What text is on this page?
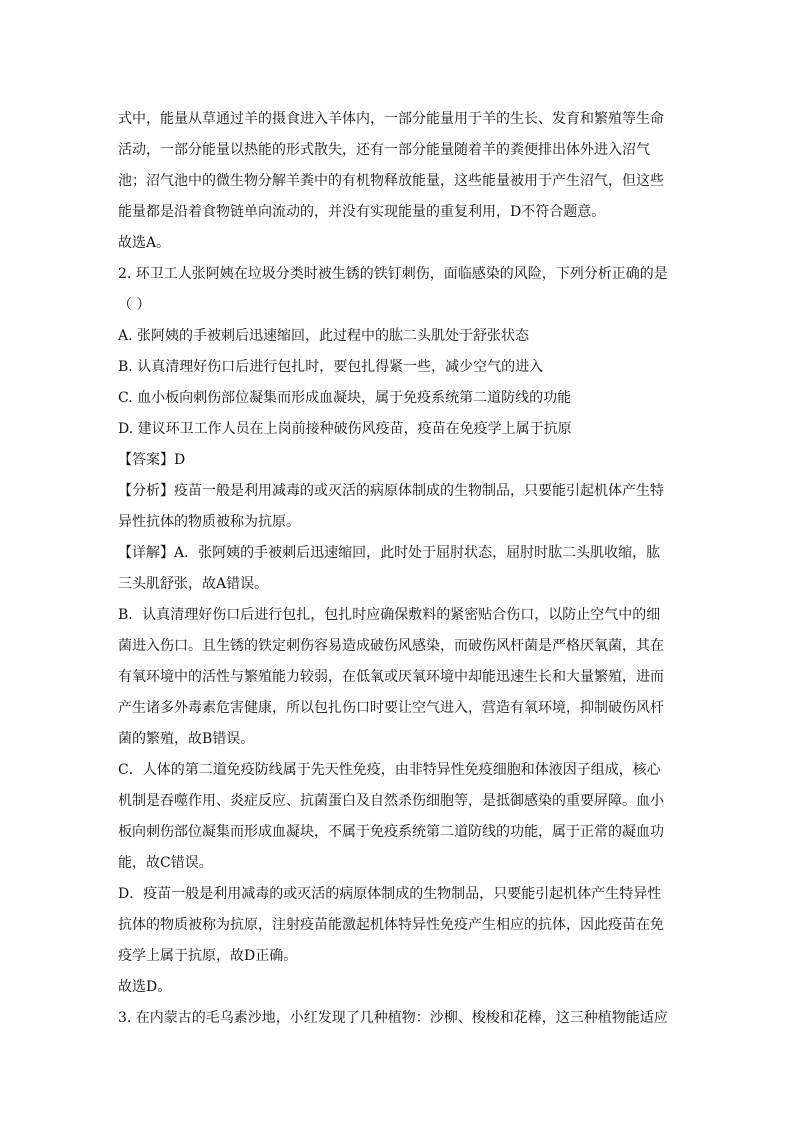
式中，能量从草通过羊的摄食进入羊体内，一部分能量用于羊的生长、发育和繁殖等生命
活动，一部分能量以热能的形式散失，还有一部分能量随着羊的粪便排出体外进入沼气
池；沼气池中的微生物分解羊粪中的有机物释放能量，这些能量被用于产生沼气，但这些
能量都是沿着食物链单向流动的，并没有实现能量的重复利用，D不符合题意。
故选A。
2. 环卫工人张阿姨在垃圾分类时被生锈的铁钉刺伤，面临感染的风险，下列分析正确的是
（ ）
A. 张阿姨的手被刺后迅速缩回，此过程中的肱二头肌处于舒张状态
B. 认真清理好伤口后进行包扎时，要包扎得紧一些，减少空气的进入
C. 血小板向刺伤部位凝集而形成血凝块，属于免疫系统第二道防线的功能
D. 建议环卫工作人员在上岗前接种破伤风疫苗，疫苗在免疫学上属于抗原
【答案】D
【分析】疫苗一般是利用减毒的或灭活的病原体制成的生物制品，只要能引起机体产生特
异性抗体的物质被称为抗原。
【详解】A．张阿姨的手被刺后迅速缩回，此时处于屈肘状态，屈肘时肱二头肌收缩，肱
三头肌舒张，故A错误。
B．认真清理好伤口后进行包扎，包扎时应确保敷料的紧密贴合伤口，以防止空气中的细
菌进入伤口。且生锈的铁定刺伤容易造成破伤风感染，而破伤风杆菌是严格厌氧菌，其在
有氧环境中的活性与繁殖能力较弱，在低氧或厌氧环境中却能迅速生长和大量繁殖，进而
产生诸多外毒素危害健康，所以包扎伤口时要让空气进入，营造有氧环境，抑制破伤风杆
菌的繁殖，故B错误。
C．人体的第二道免疫防线属于先天性免疫，由非特异性免疫细胞和体液因子组成，核心
机制是吞噬作用、炎症反应、抗菌蛋白及自然杀伤细胞等，是抵御感染的重要屏障。血小
板向刺伤部位凝集而形成血凝块，不属于免疫系统第二道防线的功能，属于正常的凝血功
能，故C错误。
D．疫苗一般是利用减毒的或灭活的病原体制成的生物制品，只要能引起机体产生特异性
抗体的物质被称为抗原，注射疫苗能激起机体特异性免疫产生相应的抗体，因此疫苗在免
疫学上属于抗原，故D正确。
故选D。
3. 在内蒙古的毛乌素沙地，小红发现了几种植物：沙柳、梭梭和花棒，这三种植物能适应
